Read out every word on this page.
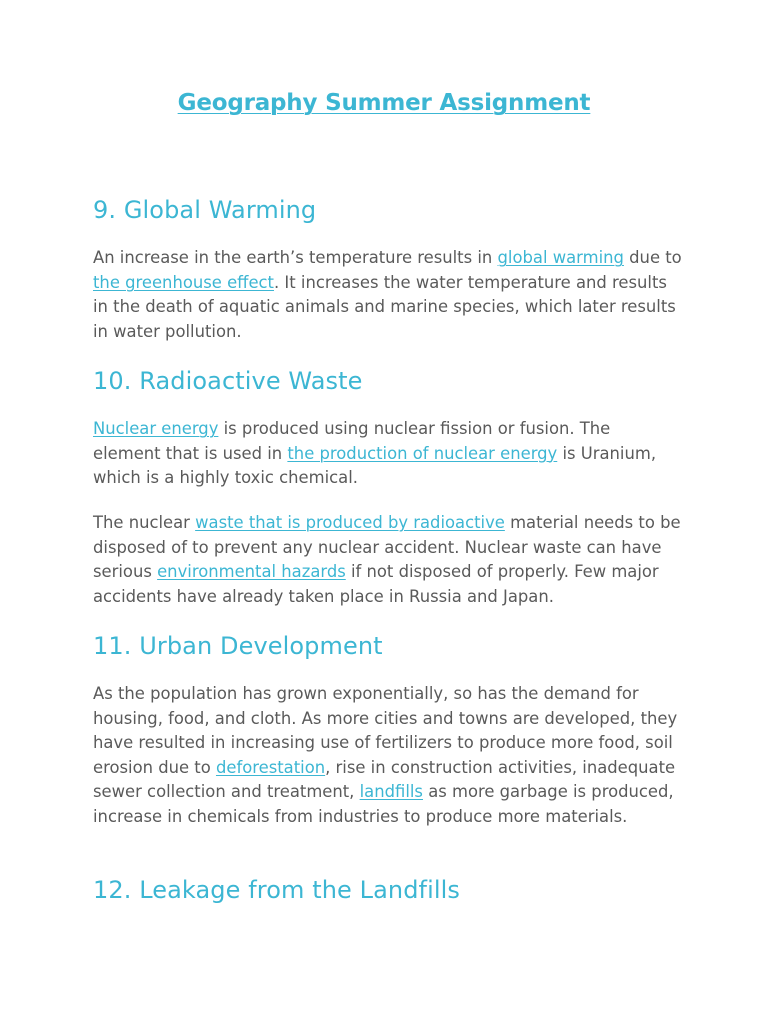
Geography Summer Assignment
9. Global Warming

An increase in the earth’s temperature results in global warming due to the greenhouse effect. It increases the water temperature and results in the death of aquatic animals and marine species, which later results in water pollution.

10. Radioactive Waste

Nuclear energy is produced using nuclear fission or fusion. The element that is used in the production of nuclear energy is Uranium, which is a highly toxic chemical.

The nuclear waste that is produced by radioactive material needs to be disposed of to prevent any nuclear accident. Nuclear waste can have serious environmental hazards if not disposed of properly. Few major accidents have already taken place in Russia and Japan.

11. Urban Development

As the population has grown exponentially, so has the demand for housing, food, and cloth. As more cities and towns are developed, they have resulted in increasing use of fertilizers to produce more food, soil erosion due to deforestation, rise in construction activities, inadequate sewer collection and treatment, landfills as more garbage is produced, increase in chemicals from industries to produce more materials.

12. Leakage from the Landfills
